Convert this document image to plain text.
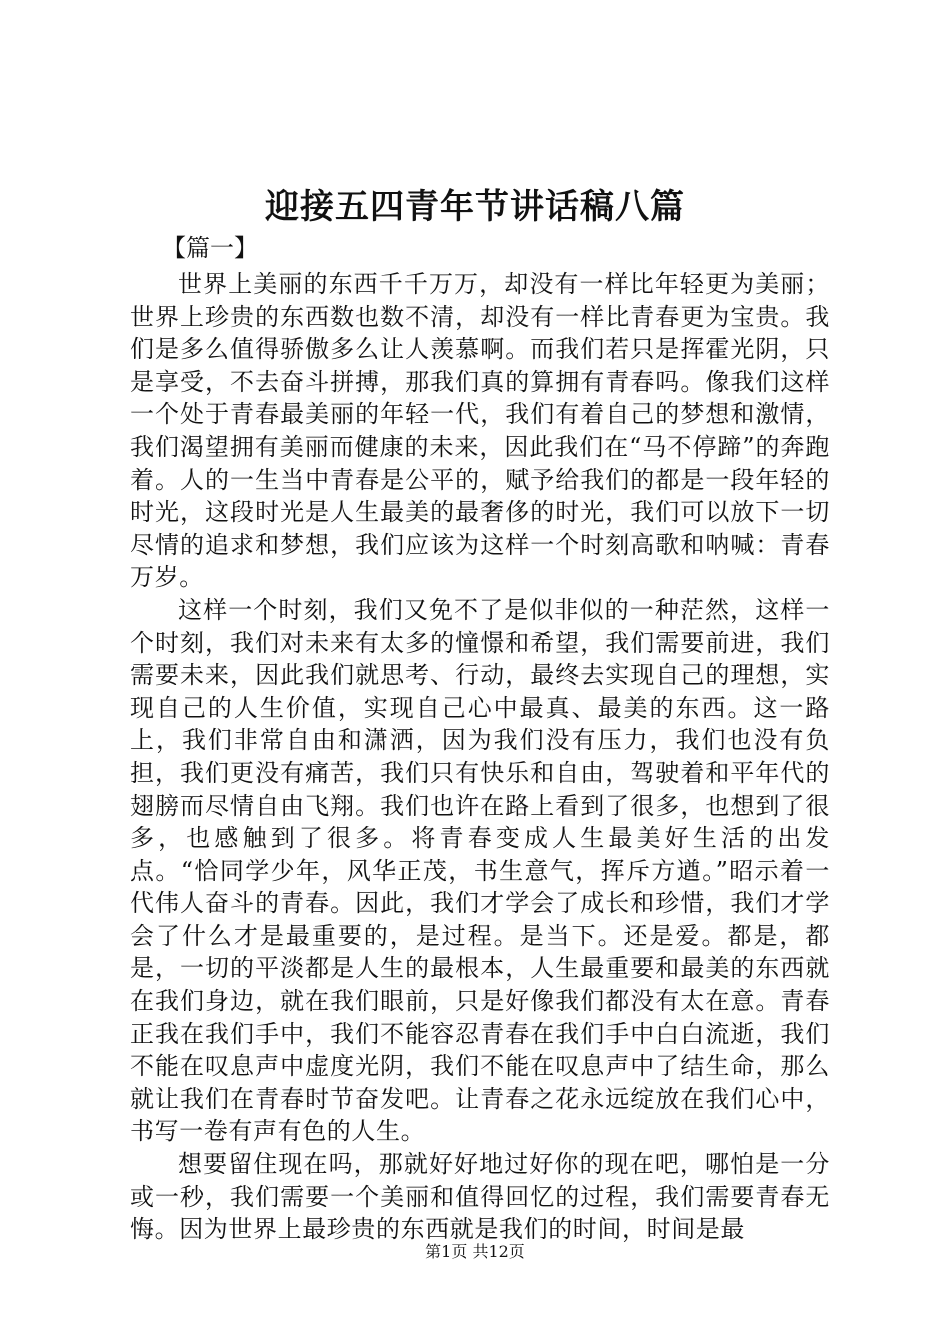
迎接五四青年节讲话稿八篇
【篇一】

世界上美丽的东西千千万万，却没有一样比年轻更为美丽；世界上珍贵的东西数也数不清，却没有一样比青春更为宝贵。我们是多么值得骄傲多么让人羡慕啊。而我们若只是挥霍光阴，只是享受，不去奋斗拼搏，那我们真的算拥有青春吗。像我们这样一个处于青春最美丽的年轻一代，我们有着自己的梦想和激情，我们渴望拥有美丽而健康的未来，因此我们在“马不停蹄”的奔跑着。人的一生当中青春是公平的，赋予给我们的都是一段年轻的时光，这段时光是人生最美的最奢侈的时光，我们可以放下一切尽情的追求和梦想，我们应该为这样一个时刻高歌和呐喊：青春万岁。

这样一个时刻，我们又免不了是似非似的一种茫然，这样一个时刻，我们对未来有太多的憧憬和希望，我们需要前进，我们需要未来，因此我们就思考、行动，最终去实现自己的理想，实现自己的人生价值，实现自己心中最真、最美的东西。这一路上，我们非常自由和潇洒，因为我们没有压力，我们也没有负担，我们更没有痛苦，我们只有快乐和自由，驾驶着和平年代的翅膀而尽情自由飞翔。我们也许在路上看到了很多，也想到了很多，也感触到了很多。将青春变成人生最美好生活的出发点。“恰同学少年，风华正茂，书生意气，挥斥方遒。”昭示着一代伟人奋斗的青春。因此，我们才学会了成长和珍惜，我们才学会了什么才是最重要的，是过程。是当下。还是爱。都是，都是，一切的平淡都是人生的最根本，人生最重要和最美的东西就在我们身边，就在我们眼前，只是好像我们都没有太在意。青春正我在我们手中，我们不能容忍青春在我们手中白白流逝，我们不能在叹息声中虚度光阴，我们不能在叹息声中了结生命，那么就让我们在青春时节奋发吧。让青春之花永远绽放在我们心中，书写一卷有声有色的人生。

想要留住现在吗，那就好好地过好你的现在吧，哪怕是一分或一秒，我们需要一个美丽和值得回忆的过程，我们需要青春无悔。因为世界上最珍贵的东西就是我们的时间，时间是最

第1页 共12页
